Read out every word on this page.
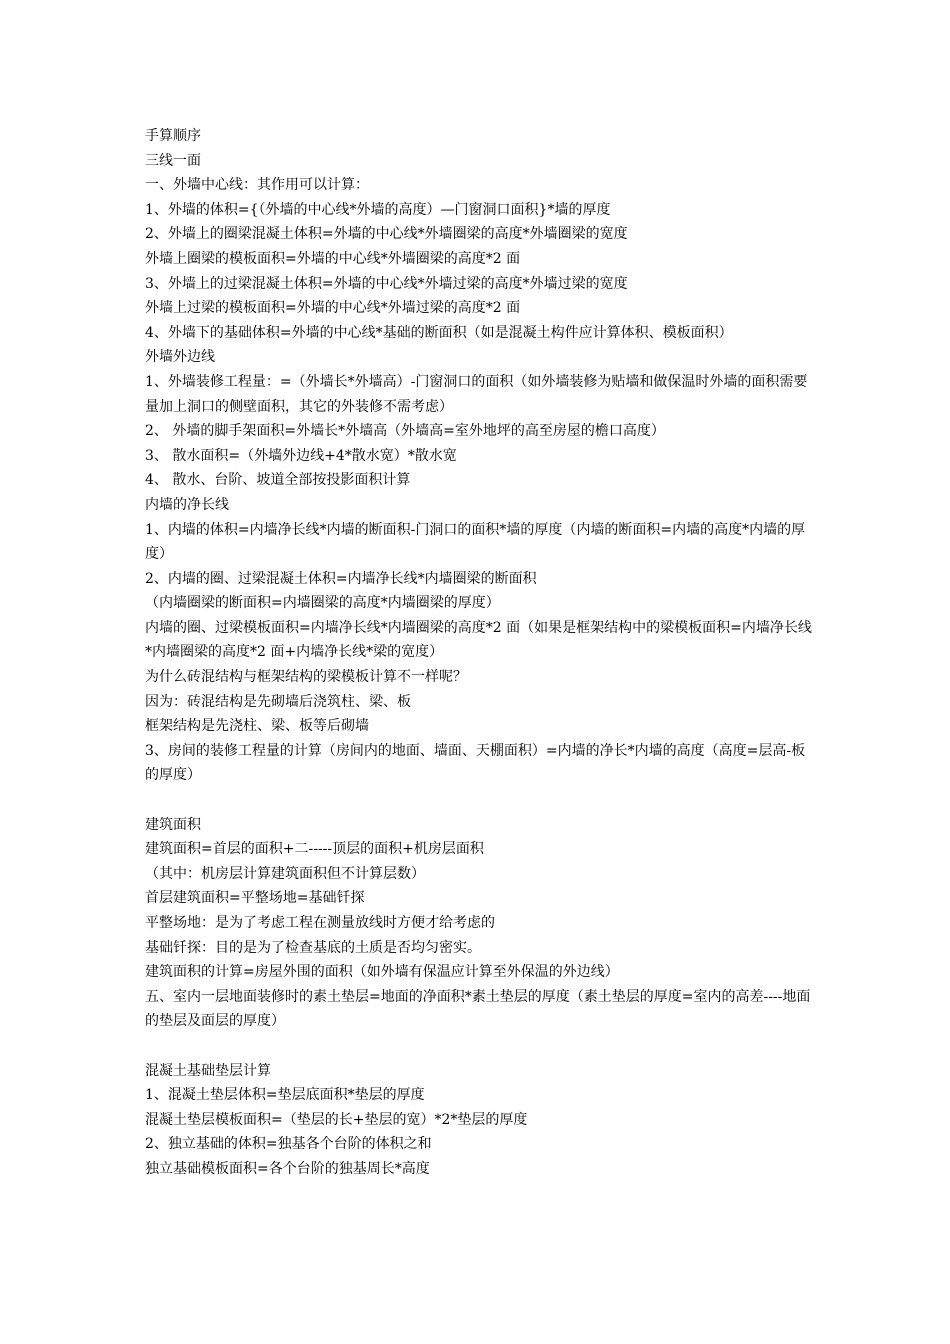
手算顺序

三线一面

一、外墙中心线：其作用可以计算：

1、外墙的体积={（外墙的中心线*外墙的高度）—门窗洞口面积}*墙的厚度

2、外墙上的圈梁混凝土体积=外墙的中心线*外墙圈梁的高度*外墙圈梁的宽度

外墙上圈梁的模板面积=外墙的中心线*外墙圈梁的高度*2 面

3、外墙上的过梁混凝土体积=外墙的中心线*外墙过梁的高度*外墙过梁的宽度

外墙上过梁的模板面积=外墙的中心线*外墙过梁的高度*2 面

4、外墙下的基础体积=外墙的中心线*基础的断面积（如是混凝土构件应计算体积、模板面积）

外墙外边线

1、外墙装修工程量：=（外墙长*外墙高）-门窗洞口的面积（如外墙装修为贴墙和做保温时外墙的面积需要量加上洞口的侧壁面积，其它的外装修不需考虑）

2、 外墙的脚手架面积=外墙长*外墙高（外墙高=室外地坪的高至房屋的檐口高度）

3、 散水面积=（外墙外边线+4*散水宽）*散水宽

4、 散水、台阶、坡道全部按投影面积计算

内墙的净长线

1、内墙的体积=内墙净长线*内墙的断面积-门洞口的面积*墙的厚度（内墙的断面积=内墙的高度*内墙的厚度）

2、内墙的圈、过梁混凝土体积=内墙净长线*内墙圈梁的断面积

（内墙圈梁的断面积=内墙圈梁的高度*内墙圈梁的厚度）

内墙的圈、过梁模板面积=内墙净长线*内墙圈梁的高度*2 面（如果是框架结构中的梁模板面积=内墙净长线*内墙圈梁的高度*2 面+内墙净长线*梁的宽度）

为什么砖混结构与框架结构的梁模板计算不一样呢？

因为：砖混结构是先砌墙后浇筑柱、梁、板

框架结构是先浇柱、梁、板等后砌墙

3、房间的装修工程量的计算（房间内的地面、墙面、天棚面积）=内墙的净长*内墙的高度（高度=层高-板的厚度）

建筑面积

建筑面积=首层的面积+二-----顶层的面积+机房层面积

（其中：机房层计算建筑面积但不计算层数）

首层建筑面积=平整场地=基础钎探

平整场地：是为了考虑工程在测量放线时方便才给考虑的

基础钎探：目的是为了检查基底的土质是否均匀密实。

建筑面积的计算=房屋外围的面积（如外墙有保温应计算至外保温的外边线）

五、室内一层地面装修时的素土垫层=地面的净面积*素土垫层的厚度（素土垫层的厚度=室内的高差----地面的垫层及面层的厚度）

混凝土基础垫层计算

1、混凝土垫层体积=垫层底面积*垫层的厚度

混凝土垫层模板面积=（垫层的长+垫层的宽）*2*垫层的厚度

2、独立基础的体积=独基各个台阶的体积之和

独立基础模板面积=各个台阶的独基周长*高度
